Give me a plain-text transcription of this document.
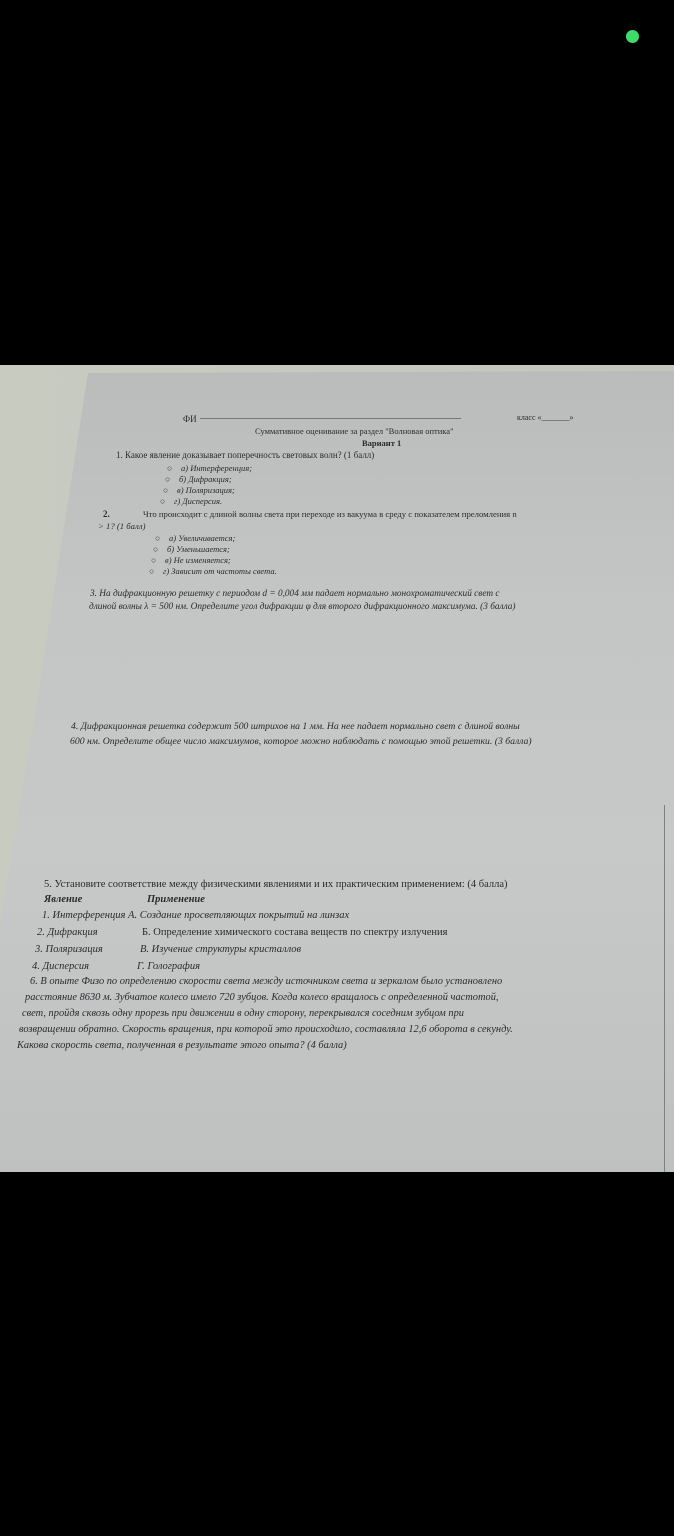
ФИ __________________________________________________________	класс «_______»
Суммативное оценивание за раздел "Волновая оптика"
Вариант 1
1. Какое явление доказывает поперечность световых волн? (1 балл)
○ а) Интерференция;
○ б) Дифракция;
○ в) Поляризация;
○ г) Дисперсия.
2.	Что происходит с длиной волны света при переходе из вакуума в среду с показателем преломления n
> 1? (1 балл)
○ а) Увеличивается;
○ б) Уменьшается;
○ в) Не изменяется;
○ г) Зависит от частоты света.
3. На дифракционную решетку с периодом d = 0,004 мм падает нормально монохроматический свет с
длиной волны λ = 500 нм. Определите угол дифракции φ для второго дифракционного максимума. (3 балла)
4. Дифракционная решетка содержит 500 штрихов на 1 мм. На нее падает нормально свет с длиной волны
600 нм. Определите общее число максимумов, которое можно наблюдать с помощью этой решетки. (3 балла)
5. Установите соответствие между физическими явлениями и их практическим применением: (4 балла)
Явление	Применение
1. Интерференция А. Создание просветляющих покрытий на линзах
2. Дифракция	Б. Определение химического состава веществ по спектру излучения
3. Поляризация	В. Изучение структуры кристаллов
4. Дисперсия	Г. Голография
6. В опыте Физо по определению скорости света между источником света и зеркалом было установлено
расстояние 8630 м. Зубчатое колесо имело 720 зубцов. Когда колесо вращалось с определенной частотой,
свет, пройдя сквозь одну прорезь при движении в одну сторону, перекрывался соседним зубцом при
возвращении обратно. Скорость вращения, при которой это происходило, составляла 12,6 оборота в секунду.
Какова скорость света, полученная в результате этого опыта? (4 балла)
